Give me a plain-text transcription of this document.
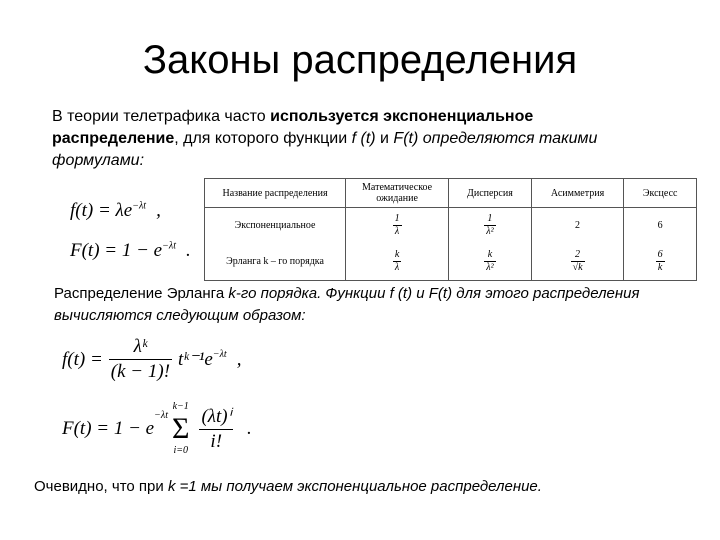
Законы распределения
В теории телетрафика часто используется экспоненциальное распределение, для которого функции f (t) и F(t) определяются такими формулами:
$f(t) = \lambda e^{-\lambda t}$ ,
$F(t) = 1 - e^{-\lambda t}$ .
Название распределения	Математическое ожидание	Дисперсия	Асимметрия	Эксцесс
Экспоненциальное	$\frac{1}{\lambda}$	$\frac{1}{\text{λ²}}$	2	6
Эрланга k – го порядка	$\frac{k}{\lambda}$	$\frac{k}{\text{λ²}}$	$\frac{2}{√k}$	$\frac{6}{k}$
Распределение Эрланга k-го порядка. Функции f (t) и F(t) для этого распределения вычисляются следующим образом:
$f(t) = \frac{\text{λᵏ}}{(k - 1)!}$ $tᵏ^{-1}e^{-\lambda t}$ ,
F(t) = 1 − e
$^{-\lambda t}$
k−1
Σ
$i=0 \frac{\text{(λt)ⁱ}}{i!}$ .
Очевидно, что при k =1 мы получаем экспоненциальное распределение.
